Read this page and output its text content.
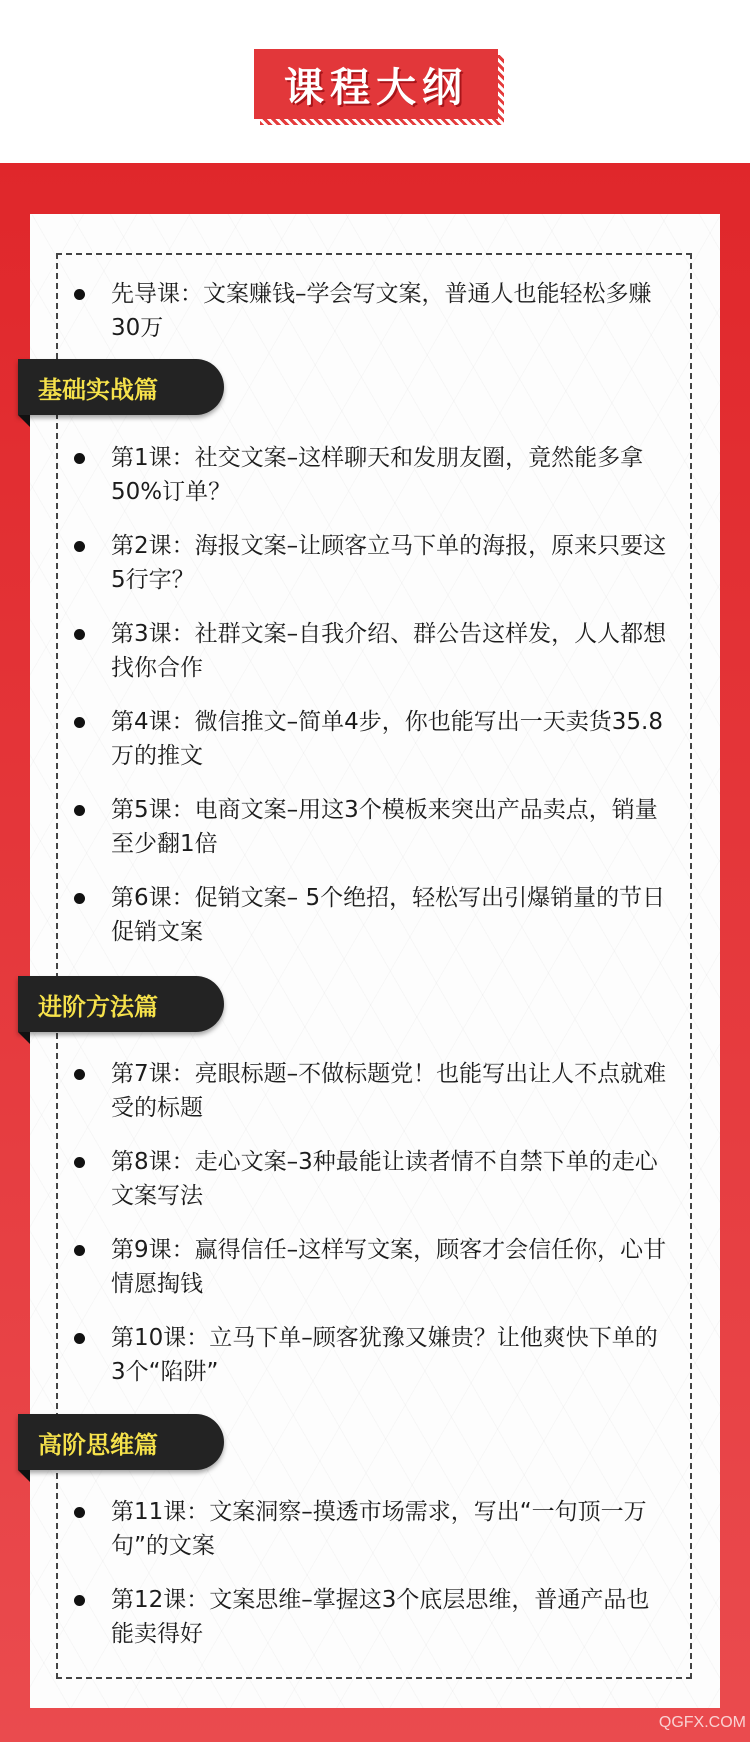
课程大纲
先导课：文案赚钱–学会写文案，普通人也能轻松多赚30万
基础实战篇
第1课：社交文案–这样聊天和发朋友圈，竟然能多拿50%订单？
第2课：海报文案–让顾客立马下单的海报，原来只要这5行字？
第3课：社群文案–自我介绍、群公告这样发，人人都想找你合作
第4课：微信推文–简单4步，你也能写出一天卖货35.8万的推文
第5课：电商文案–用这3个模板来突出产品卖点，销量至少翻1倍
第6课：促销文案– 5个绝招，轻松写出引爆销量的节日促销文案
进阶方法篇
第7课：亮眼标题–不做标题党！也能写出让人不点就难受的标题
第8课：走心文案–3种最能让读者情不自禁下单的走心文案写法
第9课：赢得信任–这样写文案，顾客才会信任你，心甘情愿掏钱
第10课：立马下单–顾客犹豫又嫌贵？让他爽快下单的3个“陷阱”
高阶思维篇
第11课：文案洞察–摸透市场需求，写出“一句顶一万句”的文案
第12课：文案思维–掌握这3个底层思维，普通产品也能卖得好
QGFX.COM
